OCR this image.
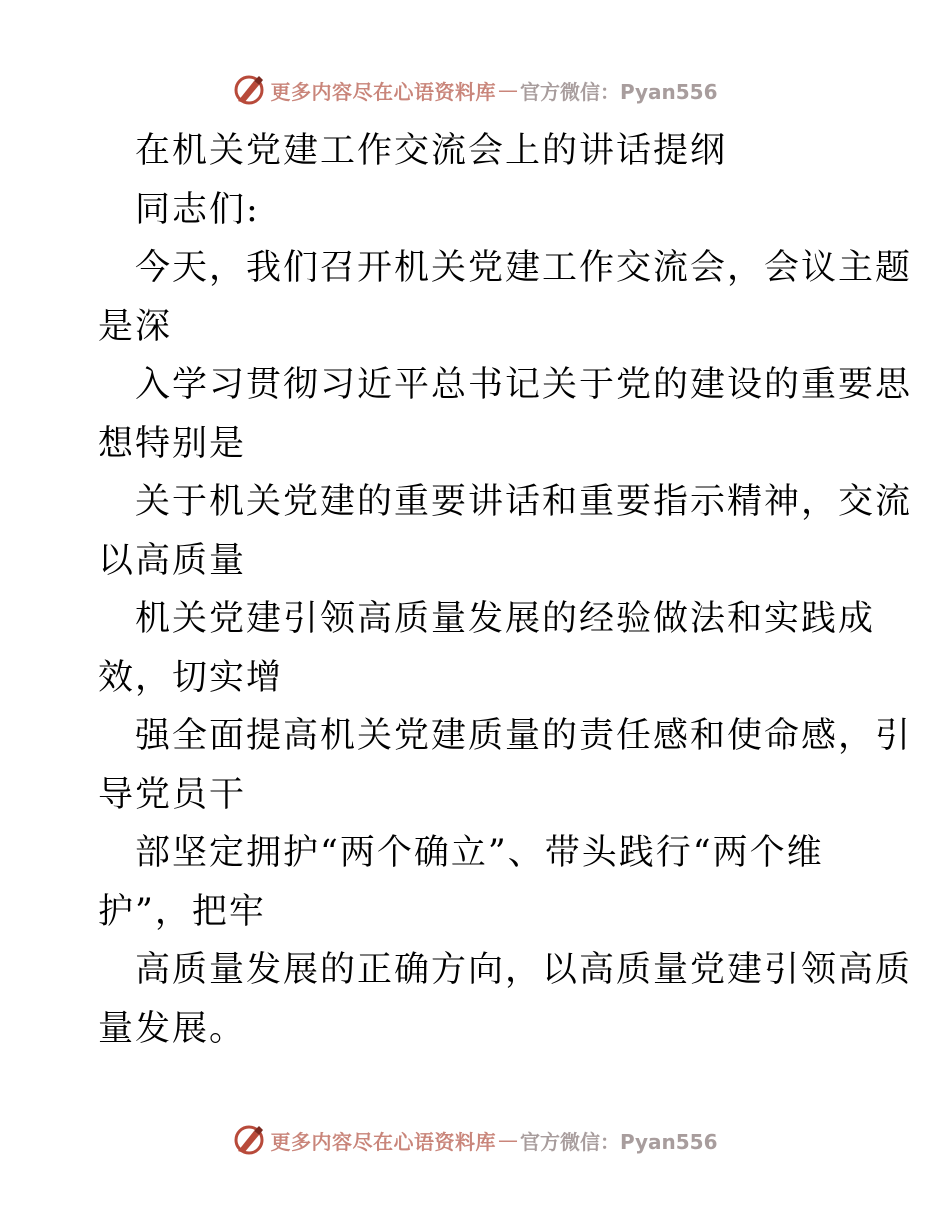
更多内容尽在心语资料库 — 官方微信：Pyan556
在机关党建工作交流会上的讲话提纲
同志们:
今天，我们召开机关党建工作交流会，会议主题
是深
入学习贯彻习近平总书记关于党的建设的重要思
想特别是
关于机关党建的重要讲话和重要指示精神，交流
以高质量
机关党建引领高质量发展的经验做法和实践成
效，切实增
强全面提高机关党建质量的责任感和使命感，引
导党员干
部坚定拥护“两个确立”、带头践行“两个维
护”，把牢
高质量发展的正确方向，以高质量党建引领高质
量发展。
更多内容尽在心语资料库 — 官方微信：Pyan556
